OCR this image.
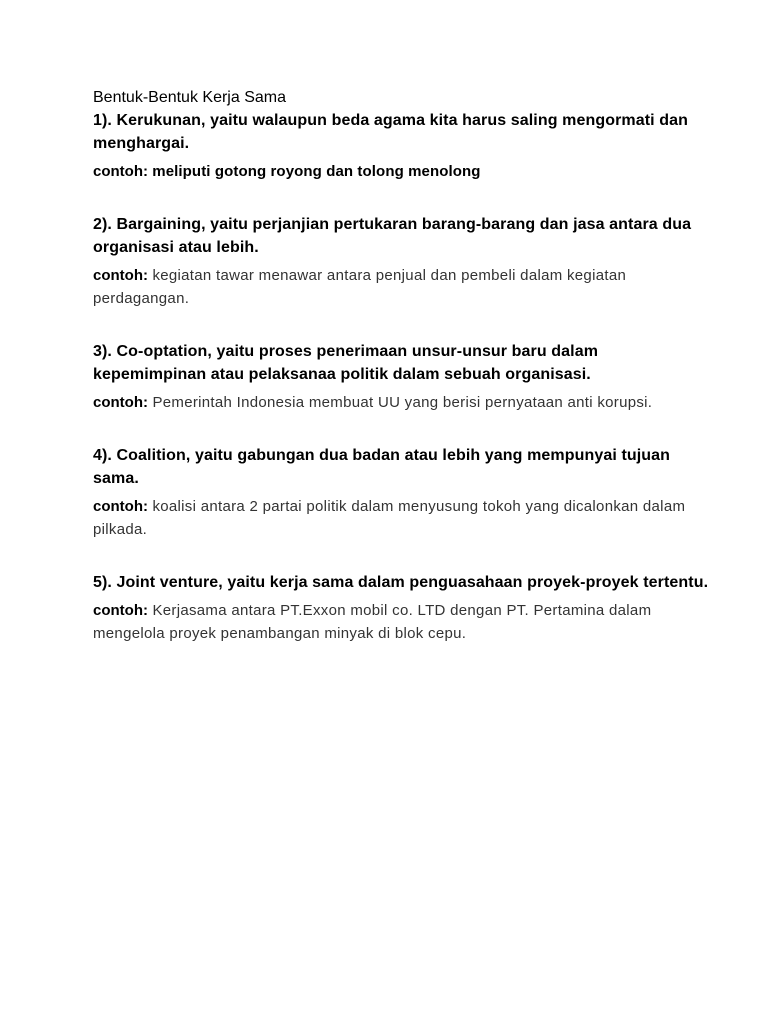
Bentuk-Bentuk Kerja Sama

1). Kerukunan, yaitu walaupun beda agama kita harus saling mengormati dan menghargai.

contoh: meliputi gotong royong dan tolong menolong

2). Bargaining, yaitu perjanjian pertukaran barang-barang dan jasa antara dua organisasi atau lebih.

contoh: kegiatan tawar menawar antara penjual dan pembeli dalam kegiatan perdagangan.

3). Co-optation, yaitu proses penerimaan unsur-unsur baru dalam kepemimpinan atau pelaksanaa politik dalam sebuah organisasi.

contoh: Pemerintah Indonesia membuat UU yang berisi pernyataan anti korupsi.

4). Coalition, yaitu gabungan dua badan atau lebih yang mempunyai tujuan sama.

contoh: koalisi antara 2 partai politik dalam menyusung tokoh yang dicalonkan dalam pilkada.

5). Joint venture, yaitu kerja sama dalam penguasahaan proyek-proyek tertentu.

contoh: Kerjasama antara PT.Exxon mobil co. LTD dengan PT. Pertamina dalam mengelola proyek penambangan minyak di blok cepu.
